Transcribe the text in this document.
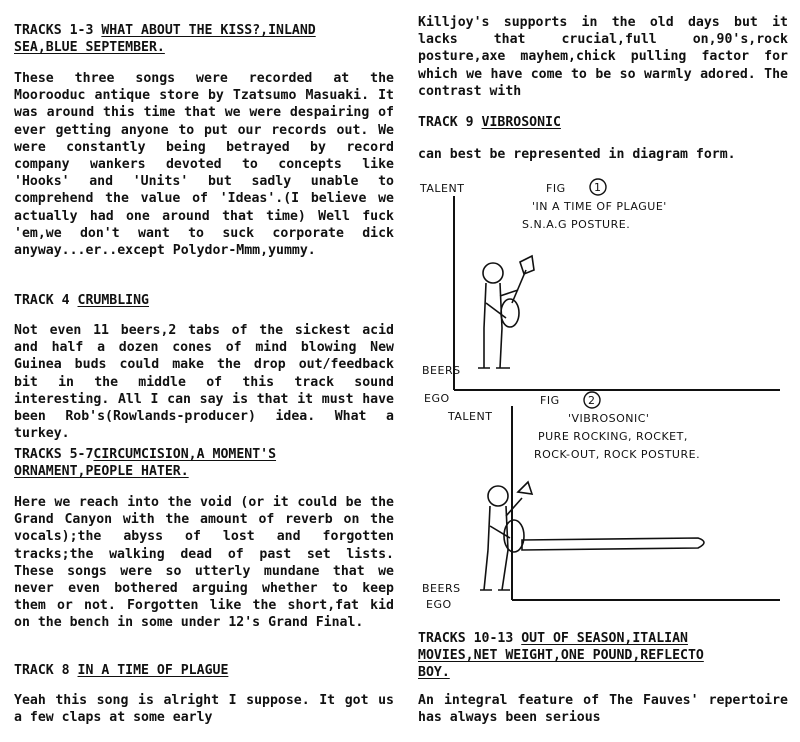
TRACKS 1-3 WHAT ABOUT THE KISS?,INLAND
SEA,BLUE SEPTEMBER.
These three songs were recorded at the Moorooduc antique store by Tzatsumo Masuaki. It was around this time that we were despairing of ever getting anyone to put our records out. We were constantly being betrayed by record company wankers devoted to concepts like 'Hooks' and 'Units' but sadly unable to comprehend the value of 'Ideas'.(I believe we actually had one around that time) Well fuck 'em,we don't want to suck corporate dick anyway...er..except Polydor-Mmm,yummy.
TRACK 4 CRUMBLING
Not even 11 beers,2 tabs of the sickest acid and half a dozen cones of mind blowing New Guinea buds could make the drop out/feedback bit in the middle of this track sound interesting. All I can say is that it must have been Rob's(Rowlands-producer) idea. What a turkey.
TRACKS 5-7CIRCUMCISION,A MOMENT'S
ORNAMENT,PEOPLE HATER.
Here we reach into the void (or it could be the Grand Canyon with the amount of reverb on the vocals);the abyss of lost and forgotten tracks;the walking dead of past set lists. These songs were so utterly mundane that we never even bothered arguing whether to keep them or not. Forgotten like the short,fat kid on the bench in some under 12's Grand Final.
TRACK 8 IN A TIME OF PLAGUE
Yeah this song is alright I suppose. It got us a few claps at some early
Killjoy's supports in the old days but it lacks that crucial,full on,90's,rock posture,axe mayhem,chick pulling factor for which we have come to be so warmly adored. The contrast with
TRACK 9 VIBROSONIC
can best be represented in diagram form.
TALENT
BEERS
EGO
FIG	1
'IN A TIME OF PLAGUE'
S.N.A.G POSTURE.
TALENT
BEERS
EGO
FIG	2
'VIBROSONIC'
PURE ROCKING, ROCKET,
ROCK-OUT, ROCK POSTURE.
TRACKS 10-13 OUT OF SEASON,ITALIAN
MOVIES,NET WEIGHT,ONE POUND,REFLECTO
BOY.
An integral feature of The Fauves' repertoire has always been serious
